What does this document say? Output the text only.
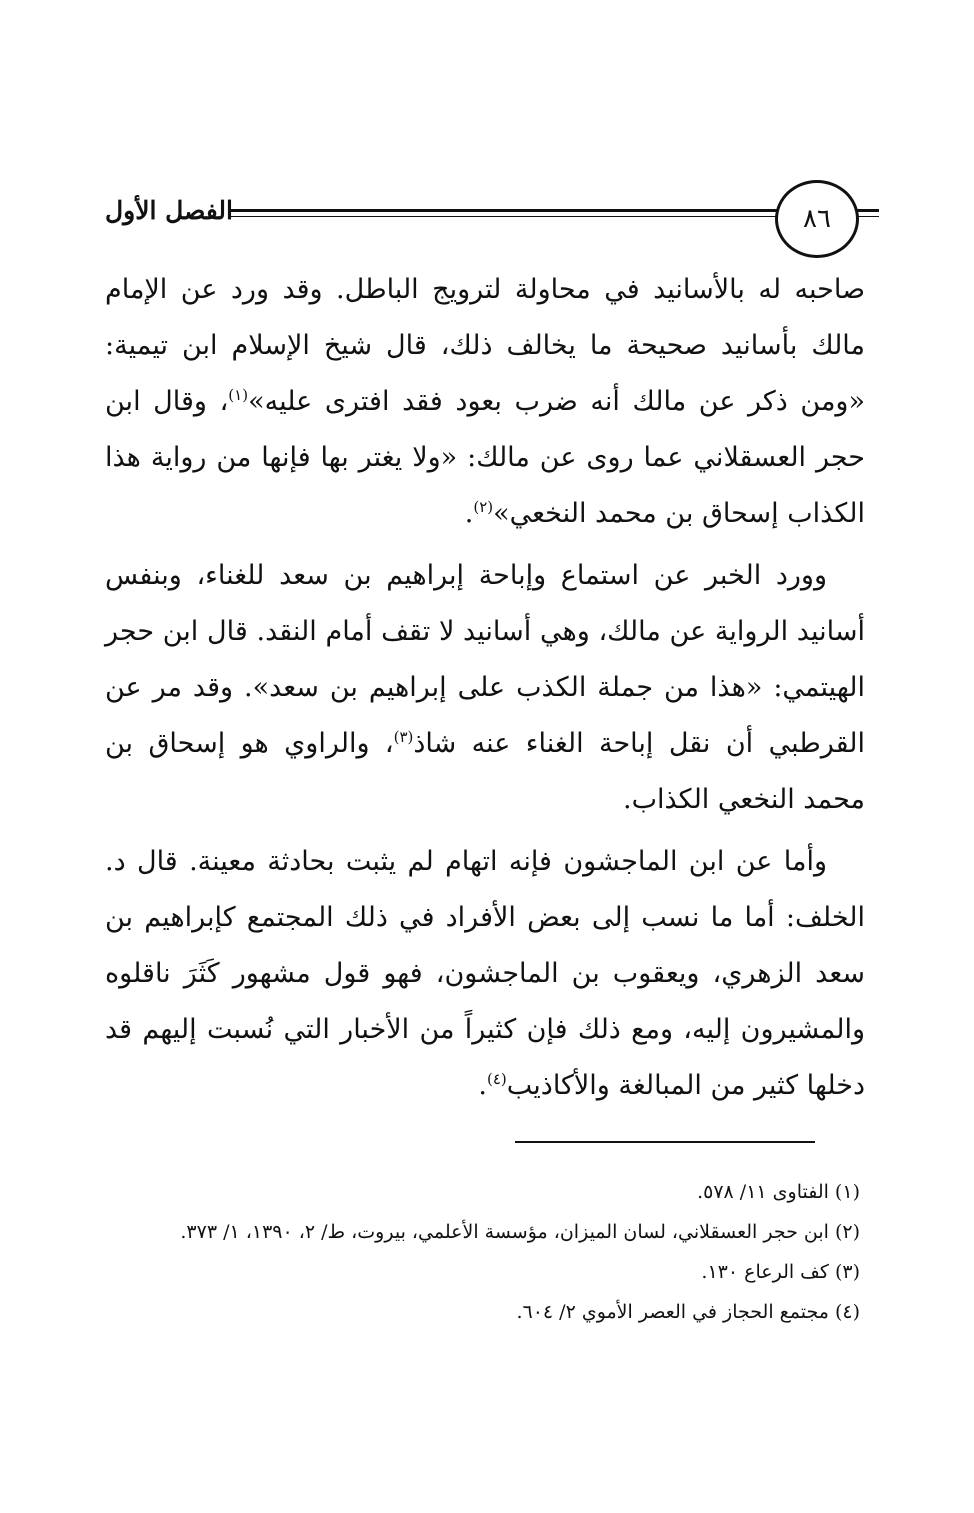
الفصل الأول	٨٦

صاحبه له بالأسانيد في محاولة لترويج الباطل. وقد ورد عن الإمام مالك بأسانيد صحيحة ما يخالف ذلك، قال شيخ الإسلام ابن تيمية: «ومن ذكر عن مالك أنه ضرب بعود فقد افترى عليه»$^{(١)}$، وقال ابن حجر العسقلاني عما روى عن مالك: «ولا يغتر بها فإنها من رواية هذا الكذاب إسحاق بن محمد النخعي»$^{(٢)}$.

وورد الخبر عن استماع وإباحة إبراهيم بن سعد للغناء، وبنفس أسانيد الرواية عن مالك، وهي أسانيد لا تقف أمام النقد. قال ابن حجر الهيتمي: «هذا من جملة الكذب على إبراهيم بن سعد». وقد مر عن القرطبي أن نقل إباحة الغناء عنه شاذ$^{(٣)}$، والراوي هو إسحاق بن محمد النخعي الكذاب.

وأما عن ابن الماجشون فإنه اتهام لم يثبت بحادثة معينة. قال د. الخلف: أما ما نسب إلى بعض الأفراد في ذلك المجتمع كإبراهيم بن سعد الزهري، ويعقوب بن الماجشون، فهو قول مشهور كَثَرَ ناقلوه والمشيرون إليه، ومع ذلك فإن كثيراً من الأخبار التي نُسبت إليهم قد دخلها كثير من المبالغة والأكاذيب$^{(٤)}$.

(١) الفتاوى ١١/ ٥٧٨.
(٢) ابن حجر العسقلاني، لسان الميزان، مؤسسة الأعلمي، بيروت، ط/ ٢، ١٣٩٠، ١/ ٣٧٣.
(٣) كف الرعاع ١٣٠.
(٤) مجتمع الحجاز في العصر الأموي ٢/ ٦٠٤.
